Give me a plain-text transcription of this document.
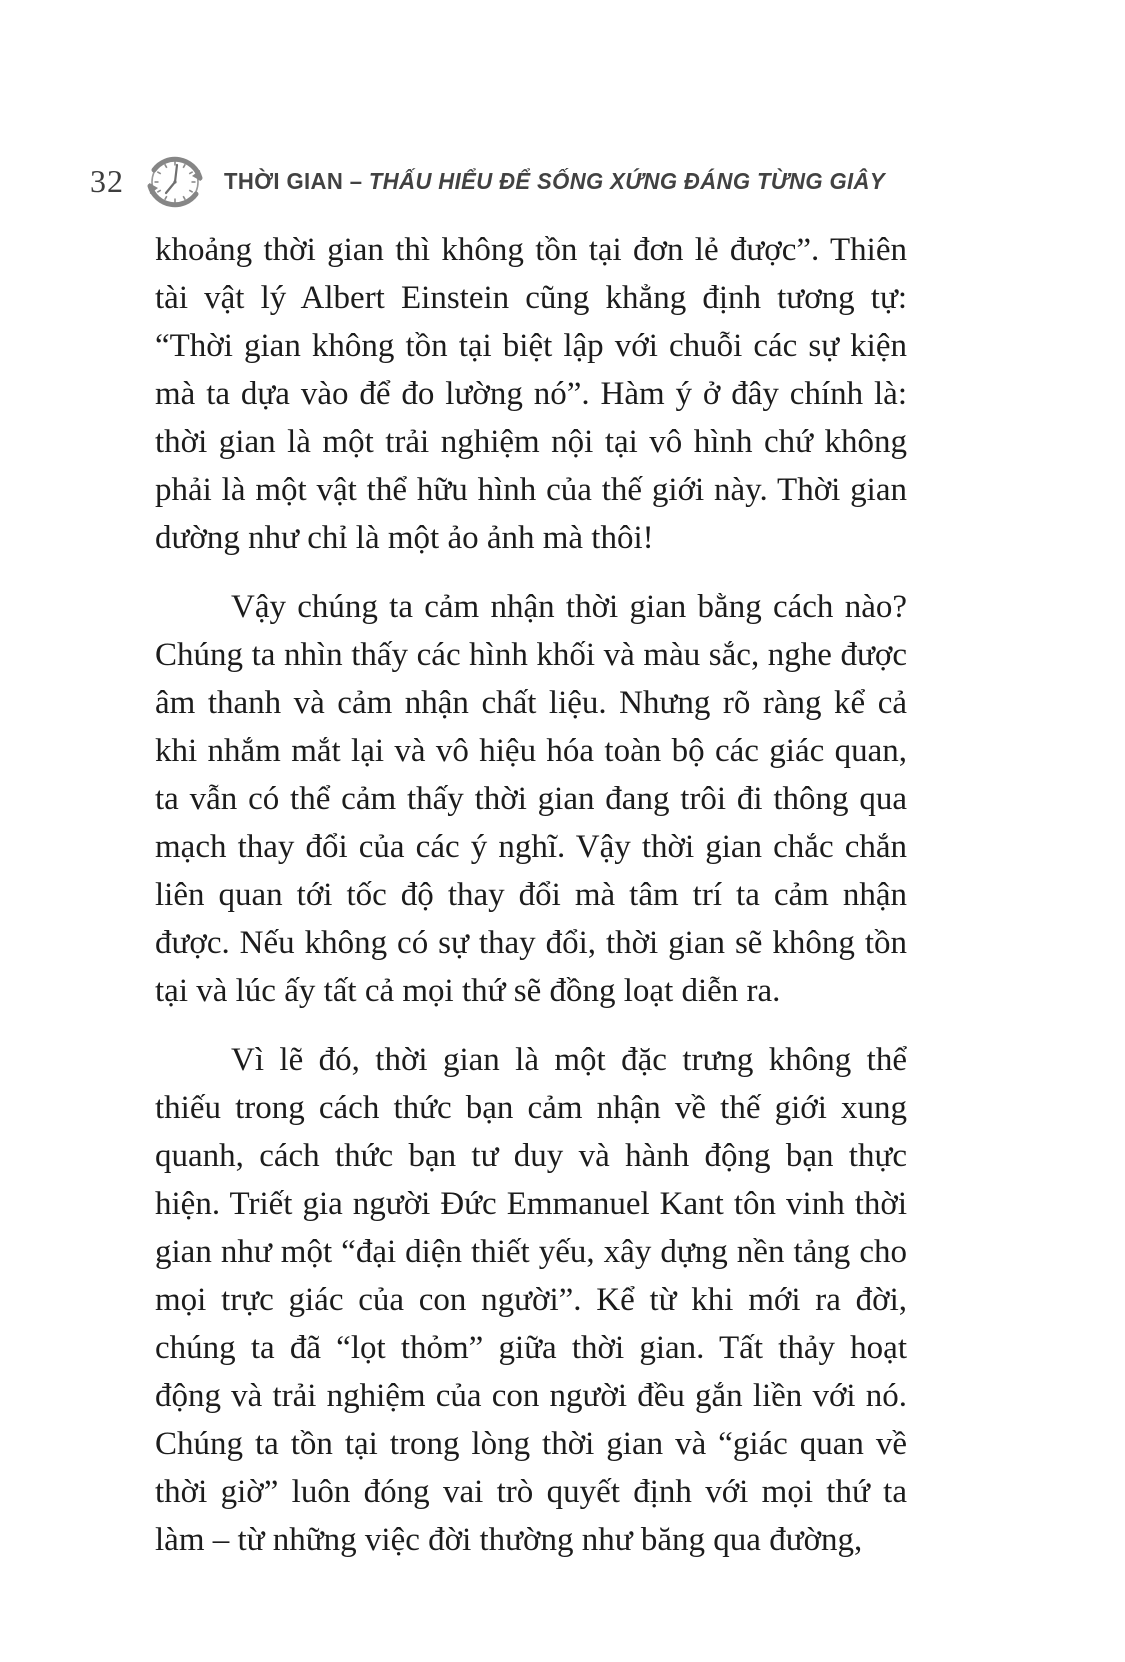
32	THỜI GIAN – THẤU HIỂU ĐỂ SỐNG XỨNG ĐÁNG TỪNG GIÂY

khoảng thời gian thì không tồn tại đơn lẻ được”. Thiên tài vật lý Albert Einstein cũng khẳng định tương tự: “Thời gian không tồn tại biệt lập với chuỗi các sự kiện mà ta dựa vào để đo lường nó”. Hàm ý ở đây chính là: thời gian là một trải nghiệm nội tại vô hình chứ không phải là một vật thể hữu hình của thế giới này. Thời gian dường như chỉ là một ảo ảnh mà thôi!

Vậy chúng ta cảm nhận thời gian bằng cách nào? Chúng ta nhìn thấy các hình khối và màu sắc, nghe được âm thanh và cảm nhận chất liệu. Nhưng rõ ràng kể cả khi nhắm mắt lại và vô hiệu hóa toàn bộ các giác quan, ta vẫn có thể cảm thấy thời gian đang trôi đi thông qua mạch thay đổi của các ý nghĩ. Vậy thời gian chắc chắn liên quan tới tốc độ thay đổi mà tâm trí ta cảm nhận được. Nếu không có sự thay đổi, thời gian sẽ không tồn tại và lúc ấy tất cả mọi thứ sẽ đồng loạt diễn ra.

Vì lẽ đó, thời gian là một đặc trưng không thể thiếu trong cách thức bạn cảm nhận về thế giới xung quanh, cách thức bạn tư duy và hành động bạn thực hiện. Triết gia người Đức Emmanuel Kant tôn vinh thời gian như một “đại diện thiết yếu, xây dựng nền tảng cho mọi trực giác của con người”. Kể từ khi mới ra đời, chúng ta đã “lọt thỏm” giữa thời gian. Tất thảy hoạt động và trải nghiệm của con người đều gắn liền với nó. Chúng ta tồn tại trong lòng thời gian và “giác quan về thời giờ” luôn đóng vai trò quyết định với mọi thứ ta làm – từ những việc đời thường như băng qua đường,
